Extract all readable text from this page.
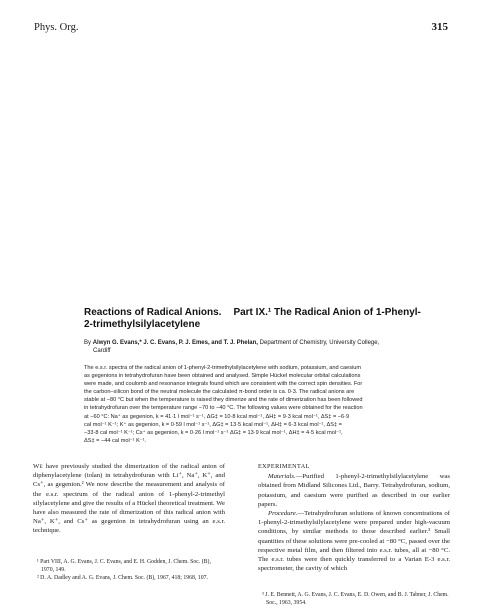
Phys. Org.	315
Reactions of Radical Anions. Part IX.¹ The Radical Anion of 1-Phenyl-
2-trimethylsilylacetylene
By Alwyn G. Evans,* J. C. Evans, P. J. Emes, and T. J. Phelan, Department of Chemistry, University College,
Cardiff

The e.s.r. spectra of the radical anion of 1-phenyl-2-trimethylsilylacetylene with sodium, potassium, and caesium

as gegenions in tetrahydrofuran have been obtained and analysed. Simple Hückel molecular orbital calculations

were made, and coulomb and resonance integrals found which are consistent with the correct spin densities. For

the carbon–silicon bond of the neutral molecule the calculated π-bond order is ca. 0·3. The radical anions are

stable at −80 °C but when the temperature is raised they dimerize and the rate of dimerization has been followed

in tetrahydrofuran over the temperature range −70 to −40 °C. The following values were obtained for the reaction

at −60 °C: Na⁺ as gegenion, k = 41·1 l mol⁻¹ s⁻¹, ΔG‡ = 10·8 kcal mol⁻¹, ΔH‡ = 9·3 kcal mol⁻¹, ΔS‡ = −6·9

cal mol⁻¹ K⁻¹; K⁺ as gegenion, k = 0·59 l mol⁻¹ s⁻¹, ΔG‡ = 13·5 kcal mol⁻¹, ΔH‡ = 6·3 kcal mol⁻¹, ΔS‡ =

−33·8 cal mol⁻¹ K⁻¹; Cs⁺ as gegenion, k = 0·26 l mol⁻¹ s⁻¹ ΔG‡ = 13·9 kcal mol⁻¹, ΔH‡ = 4·5 kcal mol⁻¹,

ΔS‡ = −44 cal mol⁻¹ K⁻¹.

We have previously studied the dimerization of the radical anion of diphenylacetylene (tolan) in tetrahydrofuran with Li⁺, Na⁺, K⁺, and Cs⁺, as gegenion.² We now describe the measurement and analysis of the e.s.r. spectrum of the radical anion of 1-phenyl-2-trimethyl silylacetylene and give the results of a Hückel theoretical treatment. We have also measured the rate of dimerization of this radical anion with Na⁺, K⁺, and Cs⁺ as gegenion in tetrahydrofuran using an e.s.r. technique.

¹ Part VIII, A. G. Evans, J. C. Evans, and E. H. Godden, J. Chem. Soc. (B), 1970, 149.

² D. A. Dadley and A. G. Evans, J. Chem. Soc. (B), 1967, 418; 1968, 107.

EXPERIMENTAL

Materials.—Purified 1-phenyl-2-trimethylsilylacetylene was obtained from Midland Silicones Ltd., Barry. Tetrahydrofuran, sodium, potassium, and caesium were purified as described in our earlier papers.

Procedure.—Tetrahydrofuran solutions of known concentrations of 1-phenyl-2-trimethylsilylacetylene were prepared under high-vacuum conditions, by similar methods to those described earlier.³ Small quantities of these solutions were pre-cooled at −80 °C, passed over the respective metal film, and then filtered into e.s.r. tubes, all at −80 °C. The e.s.r. tubes were then quickly transferred to a Varian E-3 e.s.r. spectrometer, the cavity of which

³ J. E. Bennett, A. G. Evans, J. C. Evans, E. D. Owen, and B. J. Tabner, J. Chem. Soc., 1963, 3954.
